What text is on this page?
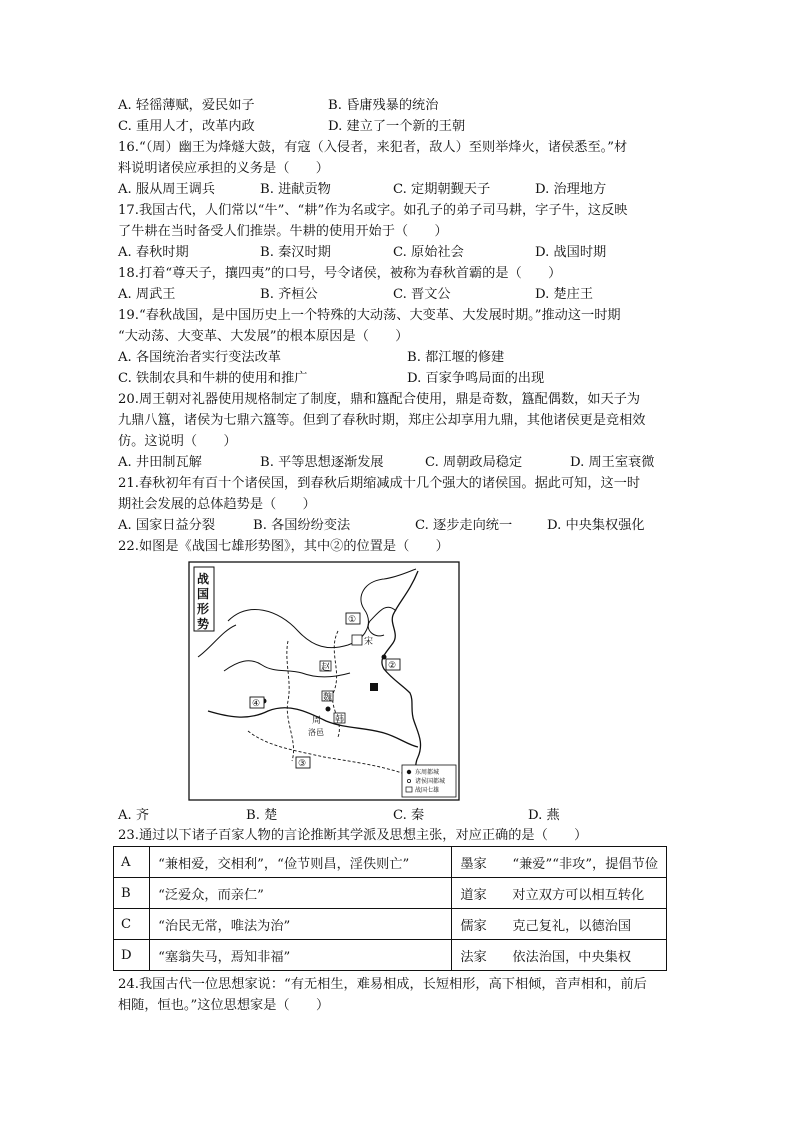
A. 轻徭薄赋，爱民如子	B. 昏庸残暴的统治
C. 重用人才，改革内政	D. 建立了一个新的王朝
16.“（周）幽王为烽燧大鼓，有寇（入侵者，来犯者，敌人）至则举烽火，诸侯悉至。”材
料说明诸侯应承担的义务是（　　）
A. 服从周王调兵	B. 进献贡物	C. 定期朝觐天子	D. 治理地方
17.我国古代，人们常以“牛”、“耕”作为名或字。如孔子的弟子司马耕，字子牛，这反映
了牛耕在当时备受人们推崇。牛耕的使用开始于（　　）
A. 春秋时期	B. 秦汉时期	C. 原始社会	D. 战国时期
18.打着“尊天子，攘四夷”的口号，号令诸侯，被称为春秋首霸的是（　　）
A. 周武王	B. 齐桓公	C. 晋文公	D. 楚庄王
19.“春秋战国，是中国历史上一个特殊的大动荡、大变革、大发展时期。”推动这一时期
“大动荡、大变革、大发展”的根本原因是（　　）
A. 各国统治者实行变法改革	B. 都江堰的修建
C. 铁制农具和牛耕的使用和推广	D. 百家争鸣局面的出现
20.周王朝对礼器使用规格制定了制度，鼎和簋配合使用，鼎是奇数，簋配偶数，如天子为
九鼎八簋，诸侯为七鼎六簋等。但到了春秋时期，郑庄公却享用九鼎，其他诸侯更是竞相效
仿。这说明（　　）
A. 井田制瓦解	B. 平等思想逐渐发展	C. 周朝政局稳定	D. 周王室衰微
21.春秋初年有百十个诸侯国，到春秋后期缩减成十几个强大的诸侯国。据此可知，这一时
期社会发展的总体趋势是（　　）
A. 国家日益分裂	B. 各国纷纷变法	C. 逐步走向统一	D. 中央集权强化
22.如图是《战国七雄形势图》，其中②的位置是（　　）
战
国
形
势	①
②
③
④
宋
周
赵
魏
韩
洛邑
东周都城
诸侯国都城
战国七雄
A. 齐	B. 楚	C. 秦	D. 燕
23.通过以下诸子百家人物的言论推断其学派及思想主张，对应正确的是（　　）
A	“兼相爱，交相利”，“俭节则昌，淫佚则亡”	墨家 “兼爱”“非攻”，提倡节俭
B	“泛爱众，而亲仁”	道家 对立双方可以相互转化
C	“治民无常，唯法为治”	儒家 克己复礼，以德治国
D	“塞翁失马，焉知非福”	法家 依法治国，中央集权
24.我国古代一位思想家说：“有无相生，难易相成，长短相形，高下相倾，音声相和，前后
相随，恒也。”这位思想家是（　　）
